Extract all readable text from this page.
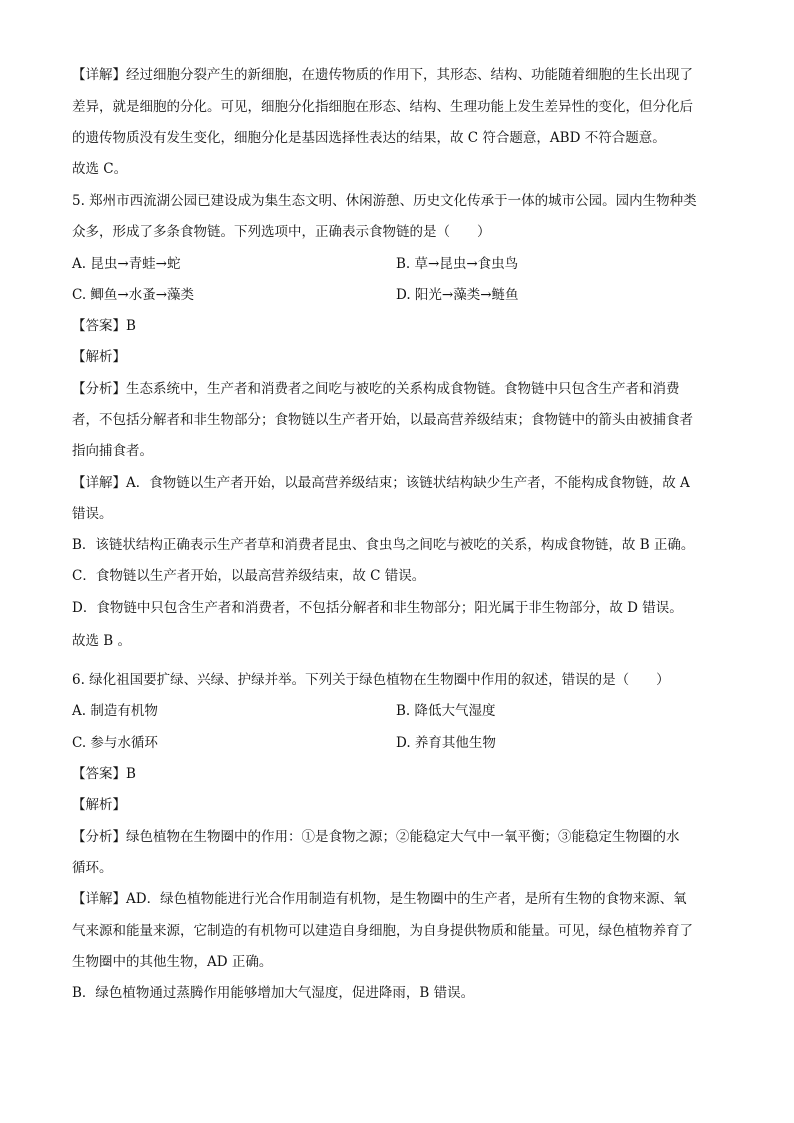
【详解】经过细胞分裂产生的新细胞，在遗传物质的作用下，其形态、结构、功能随着细胞的生长出现了
差异，就是细胞的分化。可见，细胞分化指细胞在形态、结构、生理功能上发生差异性的变化，但分化后
的遗传物质没有发生变化，细胞分化是基因选择性表达的结果，故 C 符合题意，ABD 不符合题意。
故选 C。
5. 郑州市西流湖公园已建设成为集生态文明、休闲游憩、历史文化传承于一体的城市公园。园内生物种类
众多，形成了多条食物链。下列选项中，正确表示食物链的是（　　）
A. 昆虫→青蛙→蛇	B. 草→昆虫→食虫鸟
C. 鲫鱼→水蚤→藻类	D. 阳光→藻类→鲢鱼
【答案】B
【解析】
【分析】生态系统中，生产者和消费者之间吃与被吃的关系构成食物链。食物链中只包含生产者和消费
者，不包括分解者和非生物部分；食物链以生产者开始，以最高营养级结束；食物链中的箭头由被捕食者
指向捕食者。
【详解】A．食物链以生产者开始，以最高营养级结束；该链状结构缺少生产者，不能构成食物链，故 A
错误。
B．该链状结构正确表示生产者草和消费者昆虫、食虫鸟之间吃与被吃的关系，构成食物链，故 B 正确。
C．食物链以生产者开始，以最高营养级结束，故 C 错误。
D．食物链中只包含生产者和消费者，不包括分解者和非生物部分；阳光属于非生物部分，故 D 错误。
故选 B 。
6. 绿化祖国要扩绿、兴绿、护绿并举。下列关于绿色植物在生物圈中作用的叙述，错误的是（　　）
A. 制造有机物	B. 降低大气湿度
C. 参与水循环	D. 养育其他生物
【答案】B
【解析】
【分析】绿色植物在生物圈中的作用：①是食物之源；②能稳定大气中一氧平衡；③能稳定生物圈的水
循环。
【详解】AD．绿色植物能进行光合作用制造有机物，是生物圈中的生产者，是所有生物的食物来源、氧
气来源和能量来源，它制造的有机物可以建造自身细胞，为自身提供物质和能量。可见，绿色植物养育了
生物圈中的其他生物，AD 正确。
B．绿色植物通过蒸腾作用能够增加大气湿度，促进降雨，B 错误。
